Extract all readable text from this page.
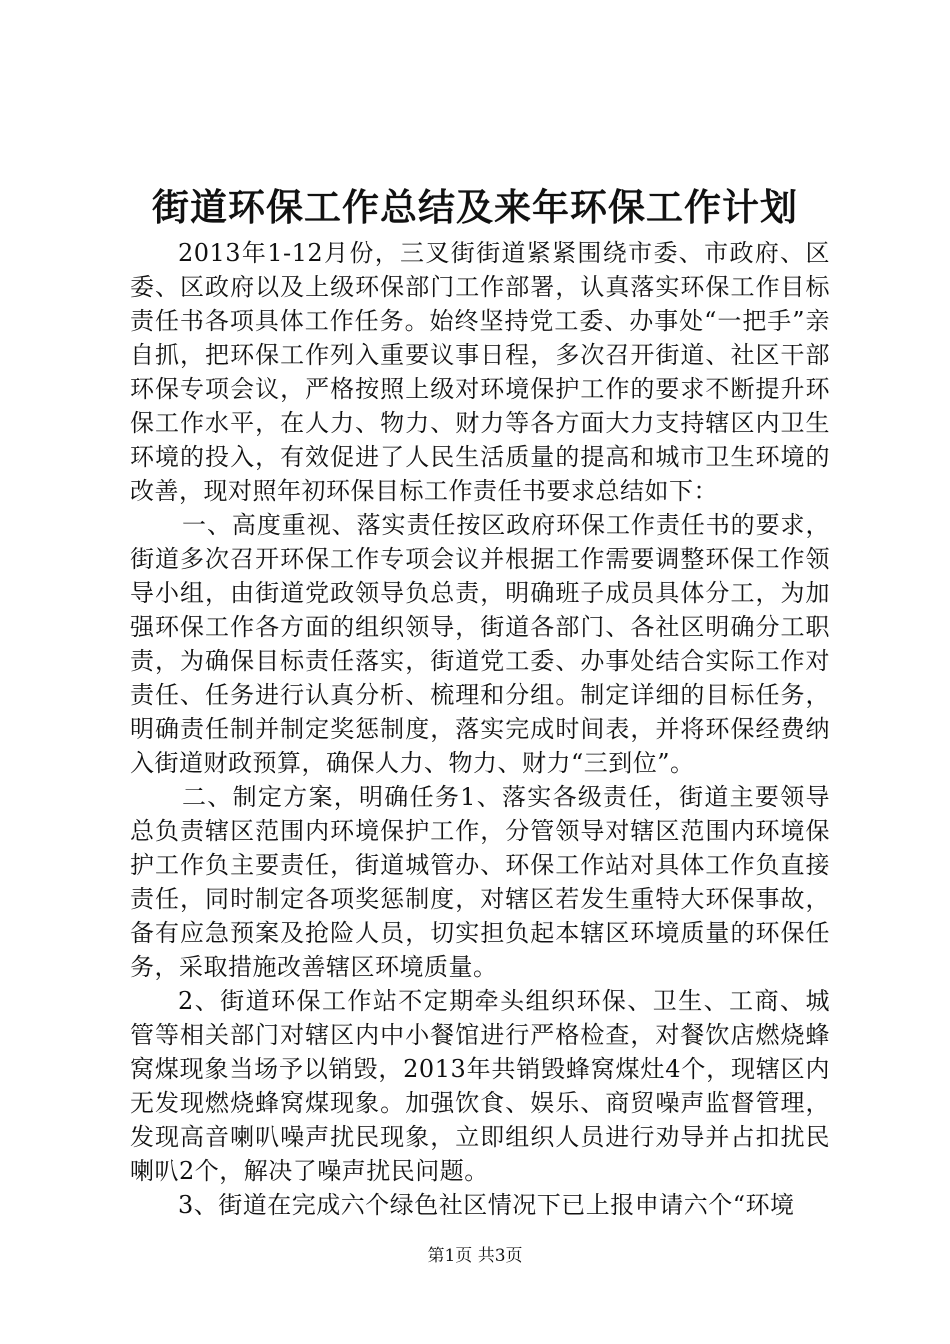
街道环保工作总结及来年环保工作计划

2013年1-12月份，三叉街街道紧紧围绕市委、市政府、区委、区政府以及上级环保部门工作部署，认真落实环保工作目标责任书各项具体工作任务。始终坚持党工委、办事处“一把手”亲自抓，把环保工作列入重要议事日程，多次召开街道、社区干部环保专项会议，严格按照上级对环境保护工作的要求不断提升环保工作水平，在人力、物力、财力等各方面大力支持辖区内卫生环境的投入，有效促进了人民生活质量的提高和城市卫生环境的改善，现对照年初环保目标工作责任书要求总结如下：

一、高度重视、落实责任按区政府环保工作责任书的要求，街道多次召开环保工作专项会议并根据工作需要调整环保工作领导小组，由街道党政领导负总责，明确班子成员具体分工，为加强环保工作各方面的组织领导，街道各部门、各社区明确分工职责，为确保目标责任落实，街道党工委、办事处结合实际工作对责任、任务进行认真分析、梳理和分组。制定详细的目标任务，明确责任制并制定奖惩制度，落实完成时间表，并将环保经费纳入街道财政预算，确保人力、物力、财力“三到位”。

二、制定方案，明确任务1、落实各级责任，街道主要领导总负责辖区范围内环境保护工作，分管领导对辖区范围内环境保护工作负主要责任，街道城管办、环保工作站对具体工作负直接责任，同时制定各项奖惩制度，对辖区若发生重特大环保事故，备有应急预案及抢险人员，切实担负起本辖区环境质量的环保任务，采取措施改善辖区环境质量。

2、街道环保工作站不定期牵头组织环保、卫生、工商、城管等相关部门对辖区内中小餐馆进行严格检查，对餐饮店燃烧蜂窝煤现象当场予以销毁，2013年共销毁蜂窝煤灶4个，现辖区内无发现燃烧蜂窝煤现象。加强饮食、娱乐、商贸噪声监督管理，发现高音喇叭噪声扰民现象，立即组织人员进行劝导并占扣扰民喇叭2个，解决了噪声扰民问题。

3、街道在完成六个绿色社区情况下已上报申请六个“环境

第1页 共3页
